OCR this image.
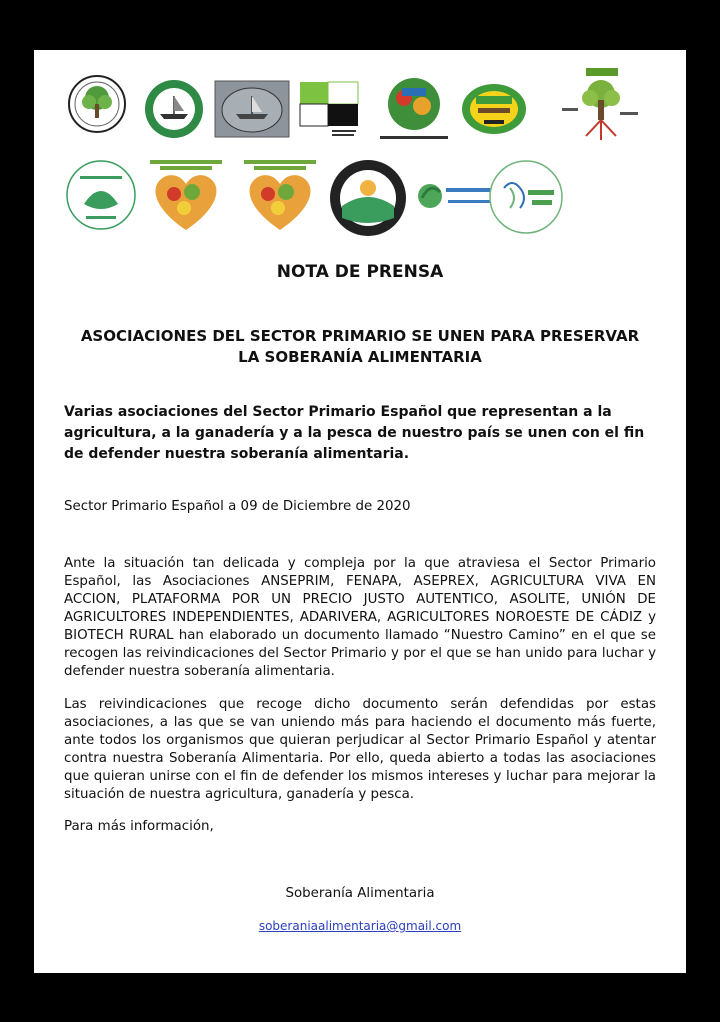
NOTA DE PRENSA
ASOCIACIONES DEL SECTOR PRIMARIO SE UNEN PARA PRESERVAR LA SOBERANÍA ALIMENTARIA
Varias asociaciones del Sector Primario Español que representan a la agricultura, a la ganadería y a la pesca de nuestro país se unen con el fin de defender nuestra soberanía alimentaria.
Sector Primario Español a 09 de Diciembre de 2020
Ante la situación tan delicada y compleja por la que atraviesa el Sector Primario Español, las Asociaciones ANSEPRIM, FENAPA, ASEPREX, AGRICULTURA VIVA EN ACCION, PLATAFORMA POR UN PRECIO JUSTO AUTENTICO, ASOLITE, UNIÓN DE AGRICULTORES INDEPENDIENTES, ADARIVERA, AGRICULTORES NOROESTE DE CÁDIZ y BIOTECH RURAL han elaborado un documento llamado “Nuestro Camino” en el que se recogen las reivindicaciones del Sector Primario y por el que se han unido para luchar y defender nuestra soberanía alimentaria.
Las reivindicaciones que recoge dicho documento serán defendidas por estas asociaciones, a las que se van uniendo más para haciendo el documento más fuerte, ante todos los organismos que quieran perjudicar al Sector Primario Español y atentar contra nuestra Soberanía Alimentaria. Por ello, queda abierto a todas las asociaciones que quieran unirse con el fin de defender los mismos intereses y luchar para mejorar la situación de nuestra agricultura, ganadería y pesca.
Para más información,
Soberanía Alimentaria
soberaniaalimentaria@gmail.com
